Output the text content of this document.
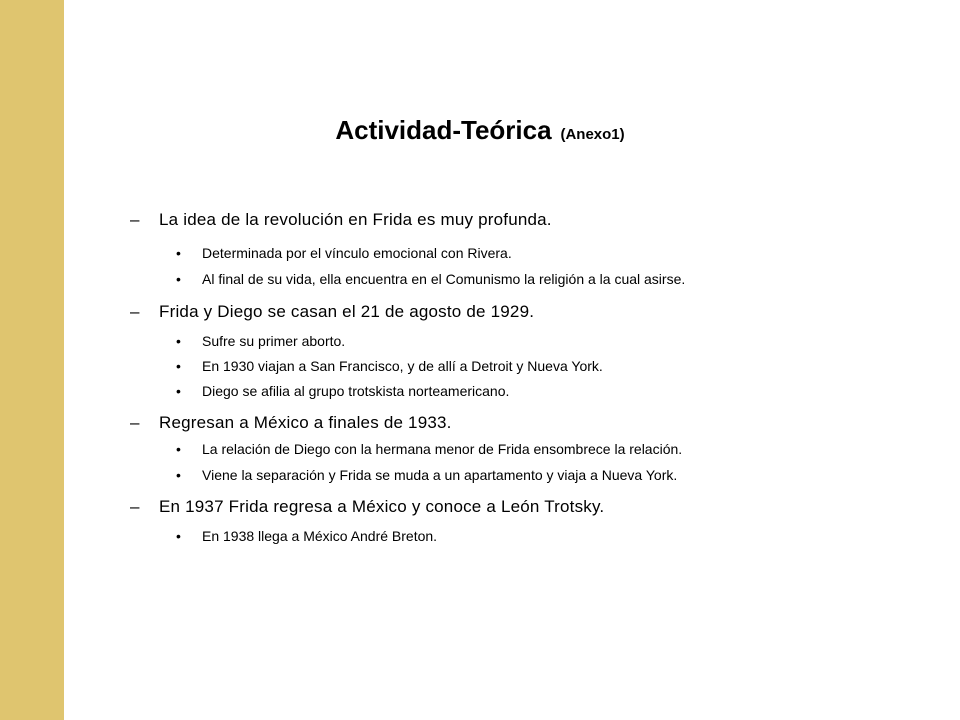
Actividad-Teórica (Anexo1)
– La idea de la revolución en Frida es muy profunda.
• Determinada por el vínculo emocional con Rivera.
• Al final de su vida, ella encuentra en el Comunismo la religión a la cual asirse.
– Frida y Diego se casan el 21 de agosto de 1929.
• Sufre su primer aborto.
• En 1930 viajan a San Francisco, y de allí a Detroit y Nueva York.
• Diego se afilia al grupo trotskista norteamericano.
– Regresan a México a finales de 1933.
• La relación de Diego con la hermana menor de Frida ensombrece la relación.
• Viene la separación y Frida se muda a un apartamento y viaja a Nueva York.
– En 1937 Frida regresa a México y conoce a León Trotsky.
• En 1938 llega a México André Breton.
